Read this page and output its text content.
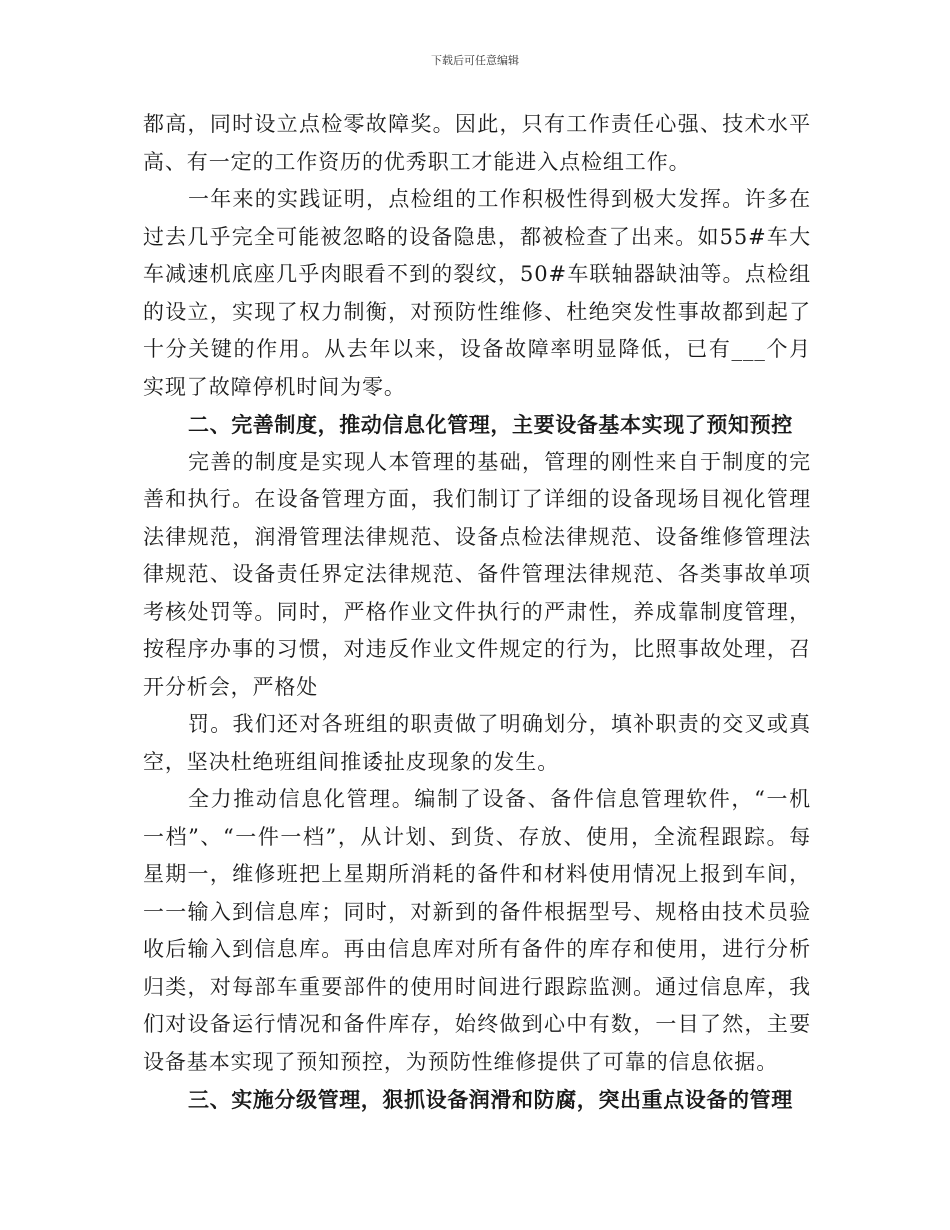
下载后可任意编辑

都高，同时设立点检零故障奖。因此，只有工作责任心强、技术水平高、有一定的工作资历的优秀职工才能进入点检组工作。

一年来的实践证明，点检组的工作积极性得到极大发挥。许多在过去几乎完全可能被忽略的设备隐患，都被检查了出来。如55#车大车减速机底座几乎肉眼看不到的裂纹，50#车联轴器缺油等。点检组的设立，实现了权力制衡，对预防性维修、杜绝突发性事故都到起了十分关键的作用。从去年以来，设备故障率明显降低，已有___个月实现了故障停机时间为零。

二、完善制度，推动信息化管理，主要设备基本实现了预知预控

完善的制度是实现人本管理的基础，管理的刚性来自于制度的完善和执行。在设备管理方面，我们制订了详细的设备现场目视化管理法律规范，润滑管理法律规范、设备点检法律规范、设备维修管理法律规范、设备责任界定法律规范、备件管理法律规范、各类事故单项考核处罚等。同时，严格作业文件执行的严肃性，养成靠制度管理，按程序办事的习惯，对违反作业文件规定的行为，比照事故处理，召开分析会，严格处

罚。我们还对各班组的职责做了明确划分，填补职责的交叉或真空，坚决杜绝班组间推诿扯皮现象的发生。

全力推动信息化管理。编制了设备、备件信息管理软件，“一机一档”、“一件一档”，从计划、到货、存放、使用，全流程跟踪。每星期一，维修班把上星期所消耗的备件和材料使用情况上报到车间，一一输入到信息库；同时，对新到的备件根据型号、规格由技术员验收后输入到信息库。再由信息库对所有备件的库存和使用，进行分析归类，对每部车重要部件的使用时间进行跟踪监测。通过信息库，我们对设备运行情况和备件库存，始终做到心中有数，一目了然，主要设备基本实现了预知预控，为预防性维修提供了可靠的信息依据。

三、实施分级管理，狠抓设备润滑和防腐，突出重点设备的管理
